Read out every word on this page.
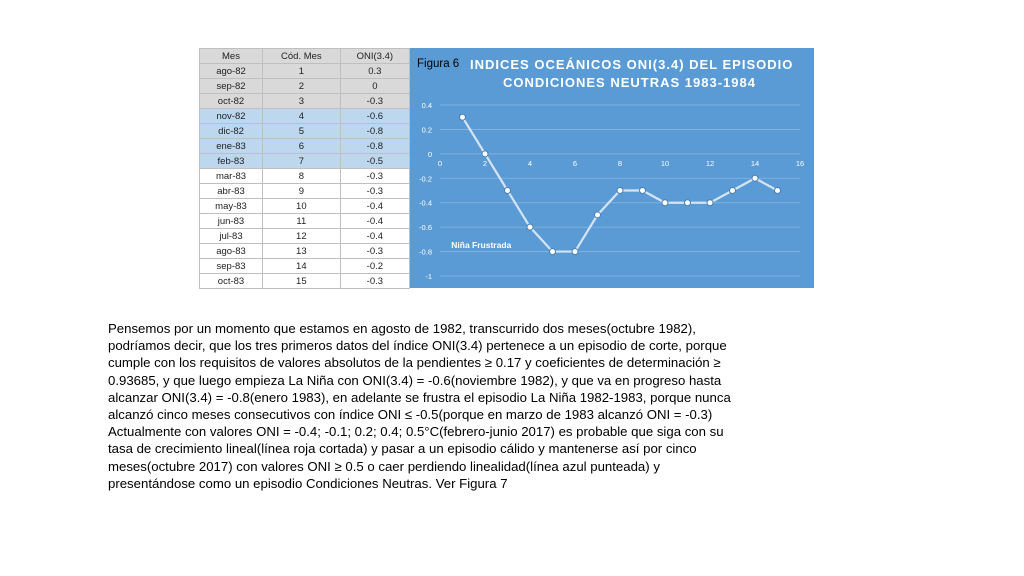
Mes	Cód. Mes	ONI(3.4)
ago-82	1	0.3
sep-82	2	0
oct-82	3	-0.3
nov-82	4	-0.6
dic-82	5	-0.8
ene-83	6	-0.8
feb-83	7	-0.5
mar-83	8	-0.3
abr-83	9	-0.3
may-83	10	-0.4
jun-83	11	-0.4
jul-83	12	-0.4
ago-83	13	-0.3
sep-83	14	-0.2
oct-83	15	-0.3
0.4
0.2
0
-0.2
-0.4
-0.6
-0.8
-1
0	2	4	6	8	10	12	14	16
Niña Frustrada
Figura 6 INDICES OCEÁNICOS ONI(3.4) DEL EPISODIO
CONDICIONES NEUTRAS 1983-1984

Pensemos por un momento que estamos en agosto de 1982, transcurrido dos meses(octubre 1982),

podríamos decir, que los tres primeros datos del índice ONI(3.4) pertenece a un episodio de corte, porque

cumple con los requisitos de valores absolutos de la pendientes ≥ 0.17 y coeficientes de determinación ≥

0.93685, y que luego empieza La Niña con ONI(3.4) = -0.6(noviembre 1982), y que va en progreso hasta

alcanzar ONI(3.4) = -0.8(enero 1983), en adelante se frustra el episodio La Niña 1982-1983, porque nunca

alcanzó cinco meses consecutivos con índice ONI ≤ -0.5(porque en marzo de 1983 alcanzó ONI = -0.3)

Actualmente con valores ONI = -0.4; -0.1; 0.2; 0.4; 0.5°C(febrero-junio 2017) es probable que siga con su

tasa de crecimiento lineal(línea roja cortada) y pasar a un episodio cálido y mantenerse así por cinco

meses(octubre 2017) con valores ONI ≥ 0.5 o caer perdiendo linealidad(línea azul punteada) y

presentándose como un episodio Condiciones Neutras. Ver Figura 7
